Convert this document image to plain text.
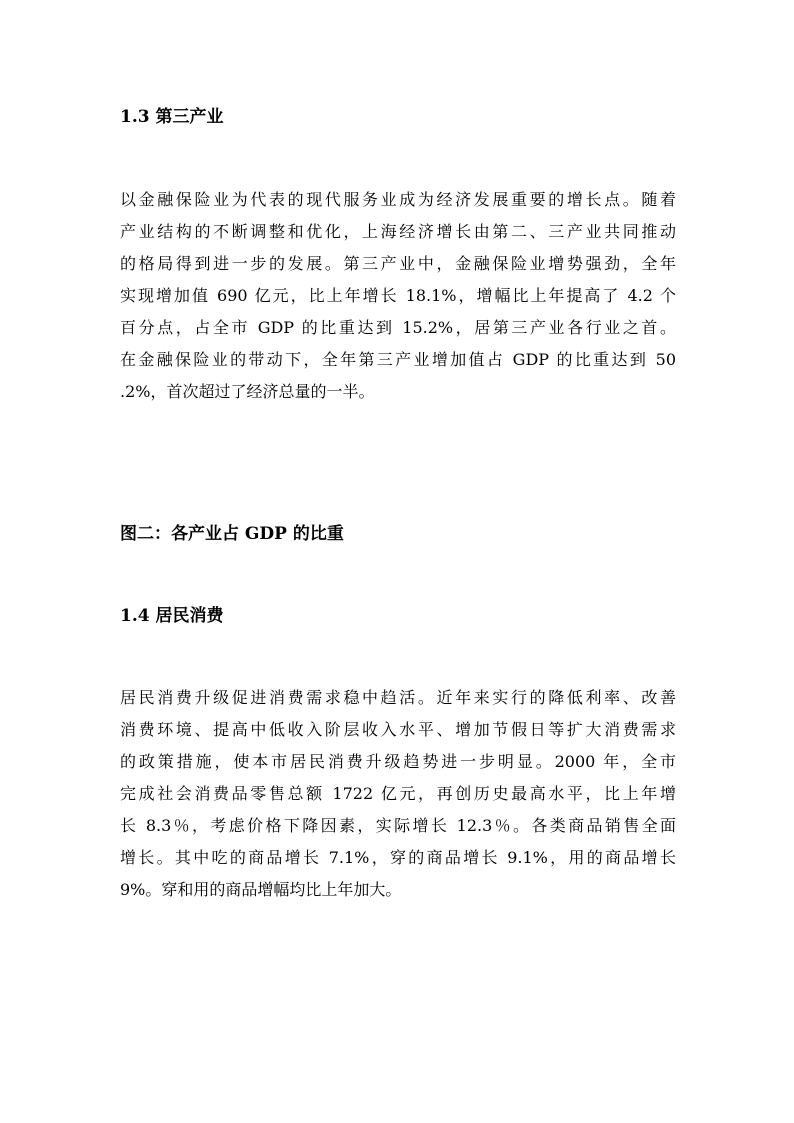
1.3 第三产业
以金融保险业为代表的现代服务业成为经济发展重要的增长点。随着
产业结构的不断调整和优化，上海经济增长由第二、三产业共同推动
的格局得到进一步的发展。第三产业中，金融保险业增势强劲，全年
实现增加值 690 亿元，比上年增长 18.1%，增幅比上年提高了 4.2 个
百分点，占全市 GDP 的比重达到 15.2%，居第三产业各行业之首。
在金融保险业的带动下，全年第三产业增加值占 GDP 的比重达到 50
.2%，首次超过了经济总量的一半。
图二：各产业占 GDP 的比重
1.4 居民消费
居民消费升级促进消费需求稳中趋活。近年来实行的降低利率、改善
消费环境、提高中低收入阶层收入水平、增加节假日等扩大消费需求
的政策措施，使本市居民消费升级趋势进一步明显。2000 年，全市
完成社会消费品零售总额 1722 亿元，再创历史最高水平，比上年增
长 8.3％，考虑价格下降因素，实际增长 12.3％。各类商品销售全面
增长。其中吃的商品增长 7.1%，穿的商品增长 9.1%，用的商品增长
9%。穿和用的商品增幅均比上年加大。
